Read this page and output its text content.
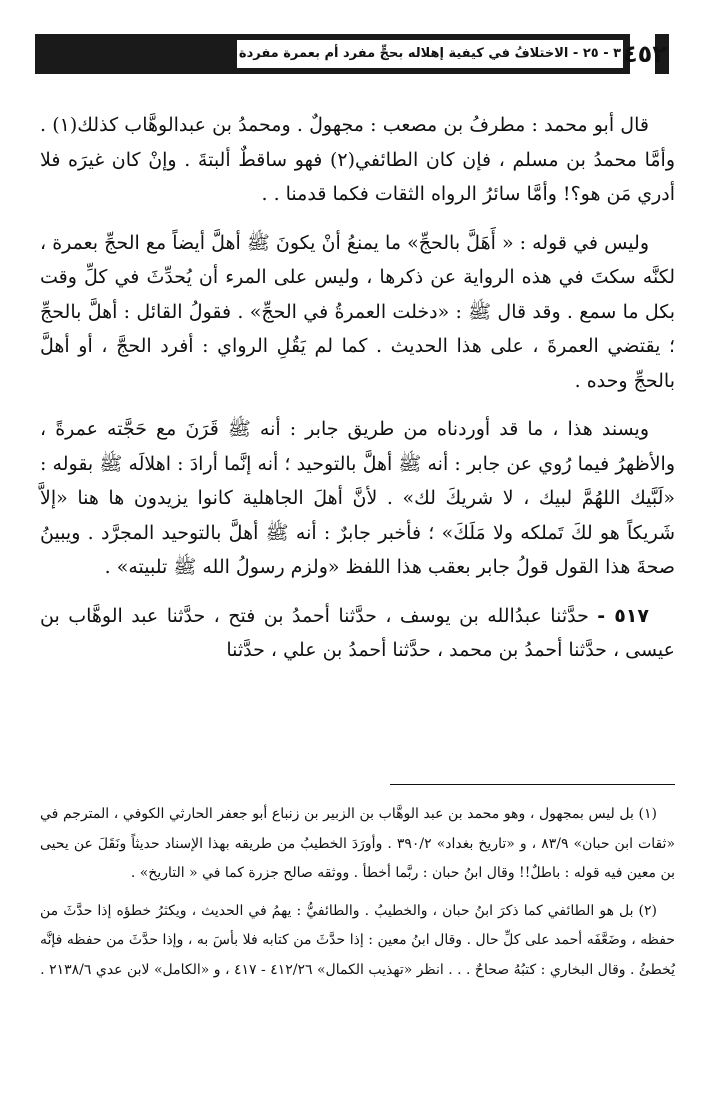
٣ - ٢٥ - الاختلافُ في كيفية إهلاله بحجٍّ مفرد أم بعمرة مفردة ٤٥٢

قال أبو محمد : مطرفُ بن مصعب : مجهولٌ . ومحمدُ بن عبدالوهَّاب كذلك(١) . وأمَّا محمدُ بن مسلم ، فإن كان الطائفي(٢) فهو ساقطٌ ألبتةَ . وإنْ كان غيرَه فلا أدري مَن هو؟! وأمَّا سائرُ الرواه الثقات فكما قدمنا . .

وليس في قوله : « أَهَلَّ بالحجِّ» ما يمنعُ أنْ يكونَ ﷺ أهلَّ أيضاً مع الحجِّ بعمرة ، لكنَّه سكتَ في هذه الرواية عن ذكرها ، وليس على المرء أن يُحدِّثَ في كلِّ وقت بكل ما سمع . وقد قال ﷺ : «دخلت العمرةُ في الحجِّ» . فقولُ القائل : أهلَّ بالحجِّ ؛ يقتضي العمرةَ ، على هذا الحديث . كما لم يَقُلِ الرواي : أفرد الحجَّ ، أو أهلَّ بالحجِّ وحده .

ويسند هذا ، ما قد أوردناه من طريق جابر : أنه ﷺ قَرَنَ مع حَجَّته عمرةً ، والأظهرُ فيما رُوي عن جابر : أنه ﷺ أهلَّ بالتوحيد ؛ أنه إنَّما أرادَ : اهلالَه ﷺ بقوله : «لَبَّيك اللهُمَّ لبيك ، لا شريكَ لك» . لأنَّ أهلَ الجاهلية كانوا يزيدون ها هنا «إلاَّ شَريكاً هو لكَ تَملكه ولا مَلَكَ» ؛ فأخبر جابرٌ : أنه ﷺ أهلَّ بالتوحيد المجرَّد . ويبينُ صحةَ هذا القول قولُ جابر بعقب هذا اللفظ «ولزم رسولُ الله ﷺ تلبيته» .

٥١٧ - حدَّثنا عبدُالله بن يوسف ، حدَّثنا أحمدُ بن فتح ، حدَّثنا عبد الوهَّاب بن عيسى ، حدَّثنا أحمدُ بن محمد ، حدَّثنا أحمدُ بن علي ، حدَّثنا

(١) بل ليس بمجهول ، وهو محمد بن عبد الوهَّاب بن الزبير بن زنباع أبو جعفر الحارثي الكوفي ، المترجم في «ثقات ابن حبان» ٨٣/٩ ، و «تاريخ بغداد» ٣٩٠/٢ . وأورَدَ الخطيبُ من طريقه بهذا الإسناد حديثاً ونَقَلَ عن يحيى بن معين فيه قوله : باطلٌ!! وقال ابنُ حبان : ربَّما أخطأ . ووثقه صالح جزرة كما في « التاريخ» .

(٢) بل هو الطائفي كما ذكرَ ابنُ حبان ، والخطيبُ . والطائفيُّ : يهمُ في الحديث ، ويكثرُ خطؤه إذا حدَّثَ من حفظه ، وضَعَّفَه أحمد على كلِّ حال . وقال ابنُ معين : إذا حدَّثَ من كتابه فلا بأسَ به ، وإذا حدَّثَ من حفظه فإنَّه يُخطئُ . وقال البخاري : كتبُهُ صحاحٌ . . . انظر «تهذيب الكمال» ٤١٢/٢٦ - ٤١٧ ، و «الكامل» لابن عدي ٢١٣٨/٦ .
